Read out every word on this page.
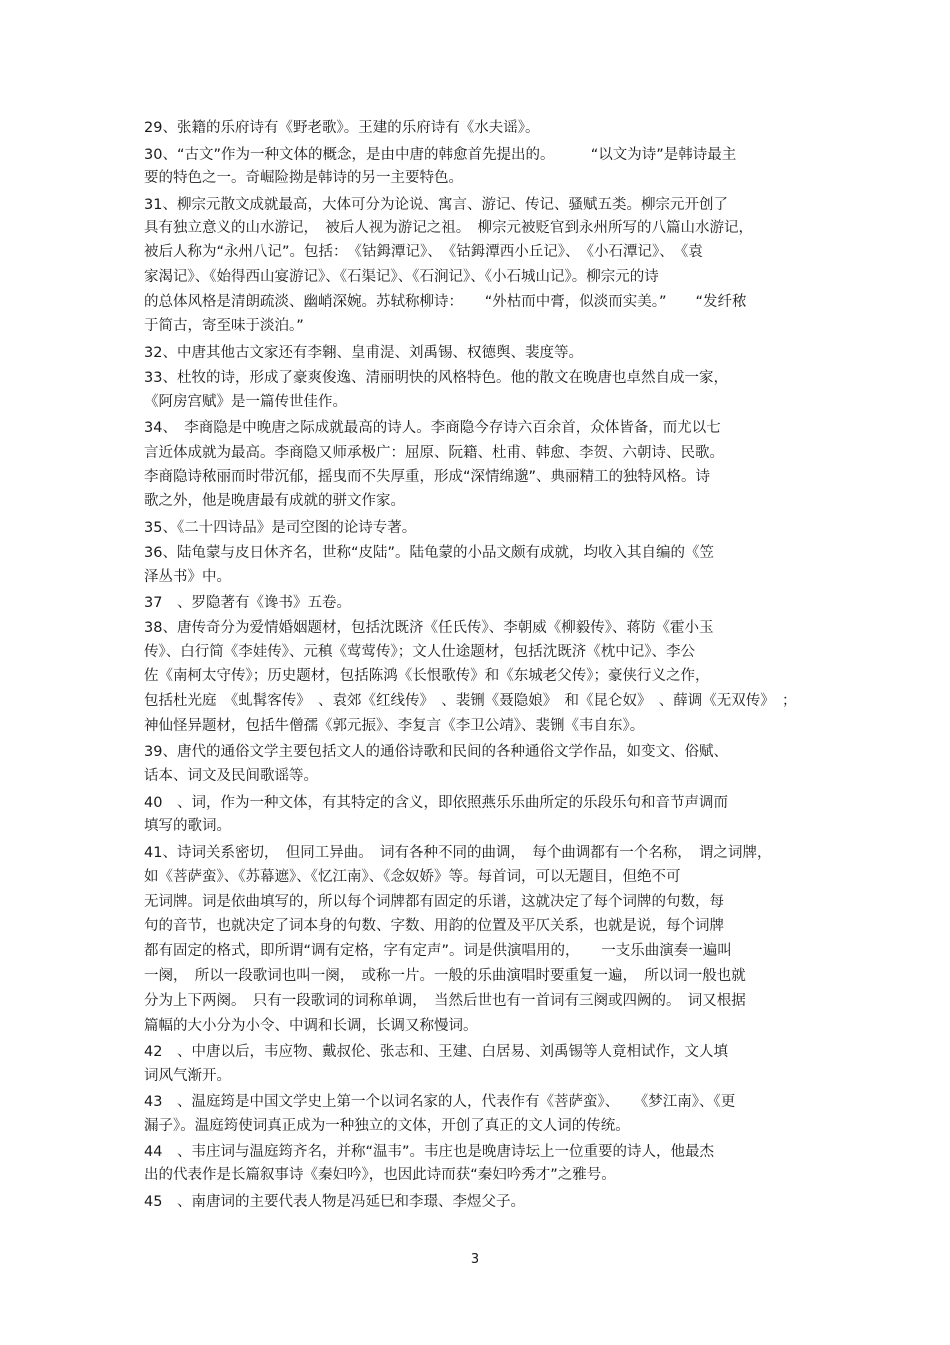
29、张籍的乐府诗有《野老歌》。王建的乐府诗有《水夫谣》。
30、“古文”作为一种文体的概念，是由中唐的韩愈首先提出的。　　　“以文为诗”是韩诗最主
要的特色之一。奇崛险拗是韩诗的另一主要特色。
31、柳宗元散文成就最高，大体可分为论说、寓言、游记、传记、骚赋五类。柳宗元开创了
具有独立意义的山水游记，　被后人视为游记之祖。　柳宗元被贬官到永州所写的八篇山水游记，
被后人称为“永州八记”。包括：　《钴鉧潭记》、　《钴鉧潭西小丘记》、　《小石潭记》、　《袁
家渴记》、《始得西山宴游记》、《石渠记》、《石涧记》、《小石城山记》。柳宗元的诗
的总体风格是清朗疏淡、幽峭深婉。苏轼称柳诗：　　“外枯而中膏，似淡而实美。”　　“发纤秾
于简古，寄至味于淡泊。”
32、中唐其他古文家还有李翱、皇甫湜、刘禹锡、权德舆、裴度等。
33、杜牧的诗，形成了豪爽俊逸、清丽明快的风格特色。他的散文在晚唐也卓然自成一家，
《阿房宫赋》是一篇传世佳作。
34、　李商隐是中晚唐之际成就最高的诗人。李商隐今存诗六百余首，众体皆备，而尤以七
言近体成就为最高。李商隐又师承极广：屈原、阮籍、杜甫、韩愈、李贺、六朝诗、民歌。
李商隐诗秾丽而时带沉郁，摇曳而不失厚重，形成“深情绵邈”、典丽精工的独特风格。诗
歌之外，他是晚唐最有成就的骈文作家。
35、《二十四诗品》是司空图的论诗专著。
36、陆龟蒙与皮日休齐名，世称“皮陆”。陆龟蒙的小品文颇有成就，均收入其自编的《笠
泽丛书》中。
37　、罗隐著有《谗书》五卷。
38、唐传奇分为爱情婚姻题材，包括沈既济《任氏传》、李朝威《柳毅传》、蒋防《霍小玉
传》、白行简《李娃传》、元稹《莺莺传》；文人仕途题材，包括沈既济《枕中记》、李公
佐《南柯太守传》；历史题材，包括陈鸿《长恨歌传》和《东城老父传》；豪侠行义之作，
包括杜光庭　《虬髯客传》　、袁郊《红线传》　、裴铏《聂隐娘》　和《昆仑奴》　、薛调《无双传》　；
神仙怪异题材，包括牛僧孺《郭元振》、李复言《李卫公靖》、裴铏《韦自东》。
39、唐代的通俗文学主要包括文人的通俗诗歌和民间的各种通俗文学作品，如变文、俗赋、
话本、词文及民间歌谣等。
40　、词，作为一种文体，有其特定的含义，即依照燕乐乐曲所定的乐段乐句和音节声调而
填写的歌词。
41、诗词关系密切，　但同工异曲。　词有各种不同的曲调，　每个曲调都有一个名称，　谓之词牌，
如《菩萨蛮》、《苏幕遮》、《忆江南》、《念奴娇》等。每首词，可以无题目，但绝不可
无词牌。词是依曲填写的，所以每个词牌都有固定的乐谱，这就决定了每个词牌的句数，每
句的音节，也就决定了词本身的句数、字数、用韵的位置及平仄关系，也就是说，每个词牌
都有固定的格式，即所谓“调有定格，字有定声”。词是供演唱用的，　　一支乐曲演奏一遍叫
一阕，　所以一段歌词也叫一阕，　或称一片。一般的乐曲演唱时要重复一遍，　所以词一般也就
分为上下两阕。　只有一段歌词的词称单调，　当然后世也有一首词有三阕或四阙的。　词又根据
篇幅的大小分为小令、中调和长调，长调又称慢词。
42　、中唐以后，韦应物、戴叔伦、张志和、王建、白居易、刘禹锡等人竟相试作，文人填
词风气渐开。
43　、温庭筠是中国文学史上第一个以词名家的人，代表作有《菩萨蛮》、　　《梦江南》、《更
漏子》。温庭筠使词真正成为一种独立的文体，开创了真正的文人词的传统。
44　、韦庄词与温庭筠齐名，并称“温韦”。韦庄也是晚唐诗坛上一位重要的诗人，他最杰
出的代表作是长篇叙事诗《秦妇吟》，也因此诗而获“秦妇吟秀才”之雅号。
45　、南唐词的主要代表人物是冯延巳和李璟、李煜父子。
3
